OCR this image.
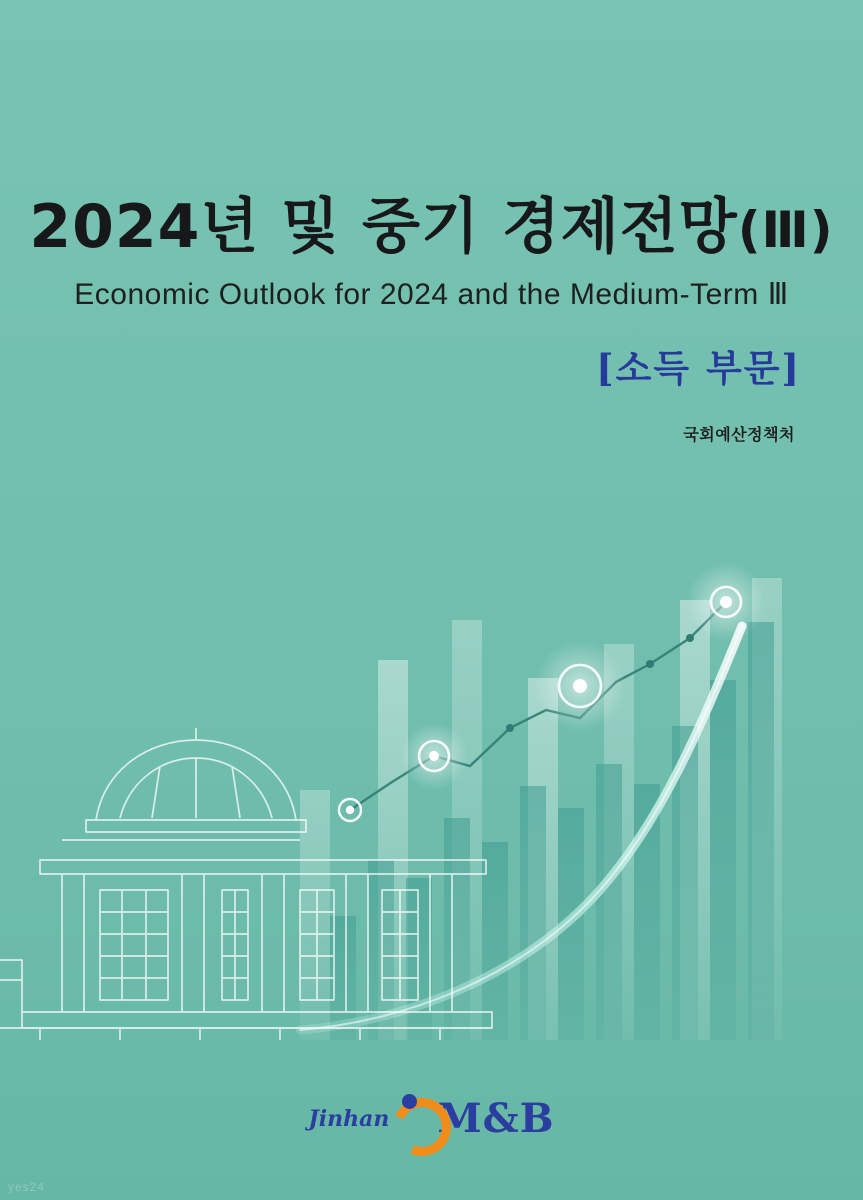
2024년 및 중기 경제전망(Ⅲ)
Economic Outlook for 2024 and the Medium-Term Ⅲ
[소득 부문]
국회예산정책처
Jinhan M&B
yes24
